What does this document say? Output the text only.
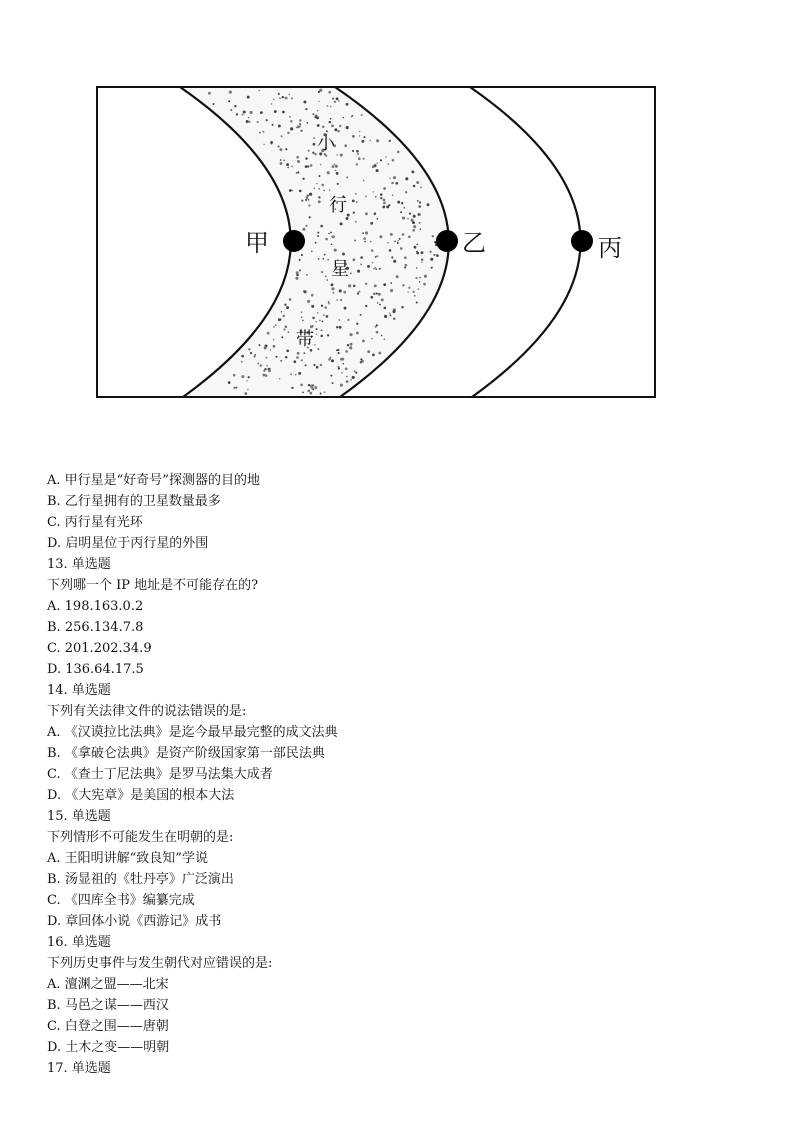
甲	乙	丙
小
行
星
带
A. 甲行星是“好奇号”探测器的目的地
B. 乙行星拥有的卫星数量最多
C. 丙行星有光环
D. 启明星位于丙行星的外围
13. 单选题
下列哪一个 IP 地址是不可能存在的?
A. 198.163.0.2
B. 256.134.7.8
C. 201.202.34.9
D. 136.64.17.5
14. 单选题
下列有关法律文件的说法错误的是:
A. 《汉谟拉比法典》是迄今最早最完整的成文法典
B. 《拿破仑法典》是资产阶级国家第一部民法典
C. 《查士丁尼法典》是罗马法集大成者
D. 《大宪章》是美国的根本大法
15. 单选题
下列情形不可能发生在明朝的是:
A. 王阳明讲解“致良知”学说
B. 汤显祖的《牡丹亭》广泛演出
C. 《四库全书》编纂完成
D. 章回体小说《西游记》成书
16. 单选题
下列历史事件与发生朝代对应错误的是:
A. 澶渊之盟——北宋
B. 马邑之谋——西汉
C. 白登之围——唐朝
D. 土木之变——明朝
17. 单选题
